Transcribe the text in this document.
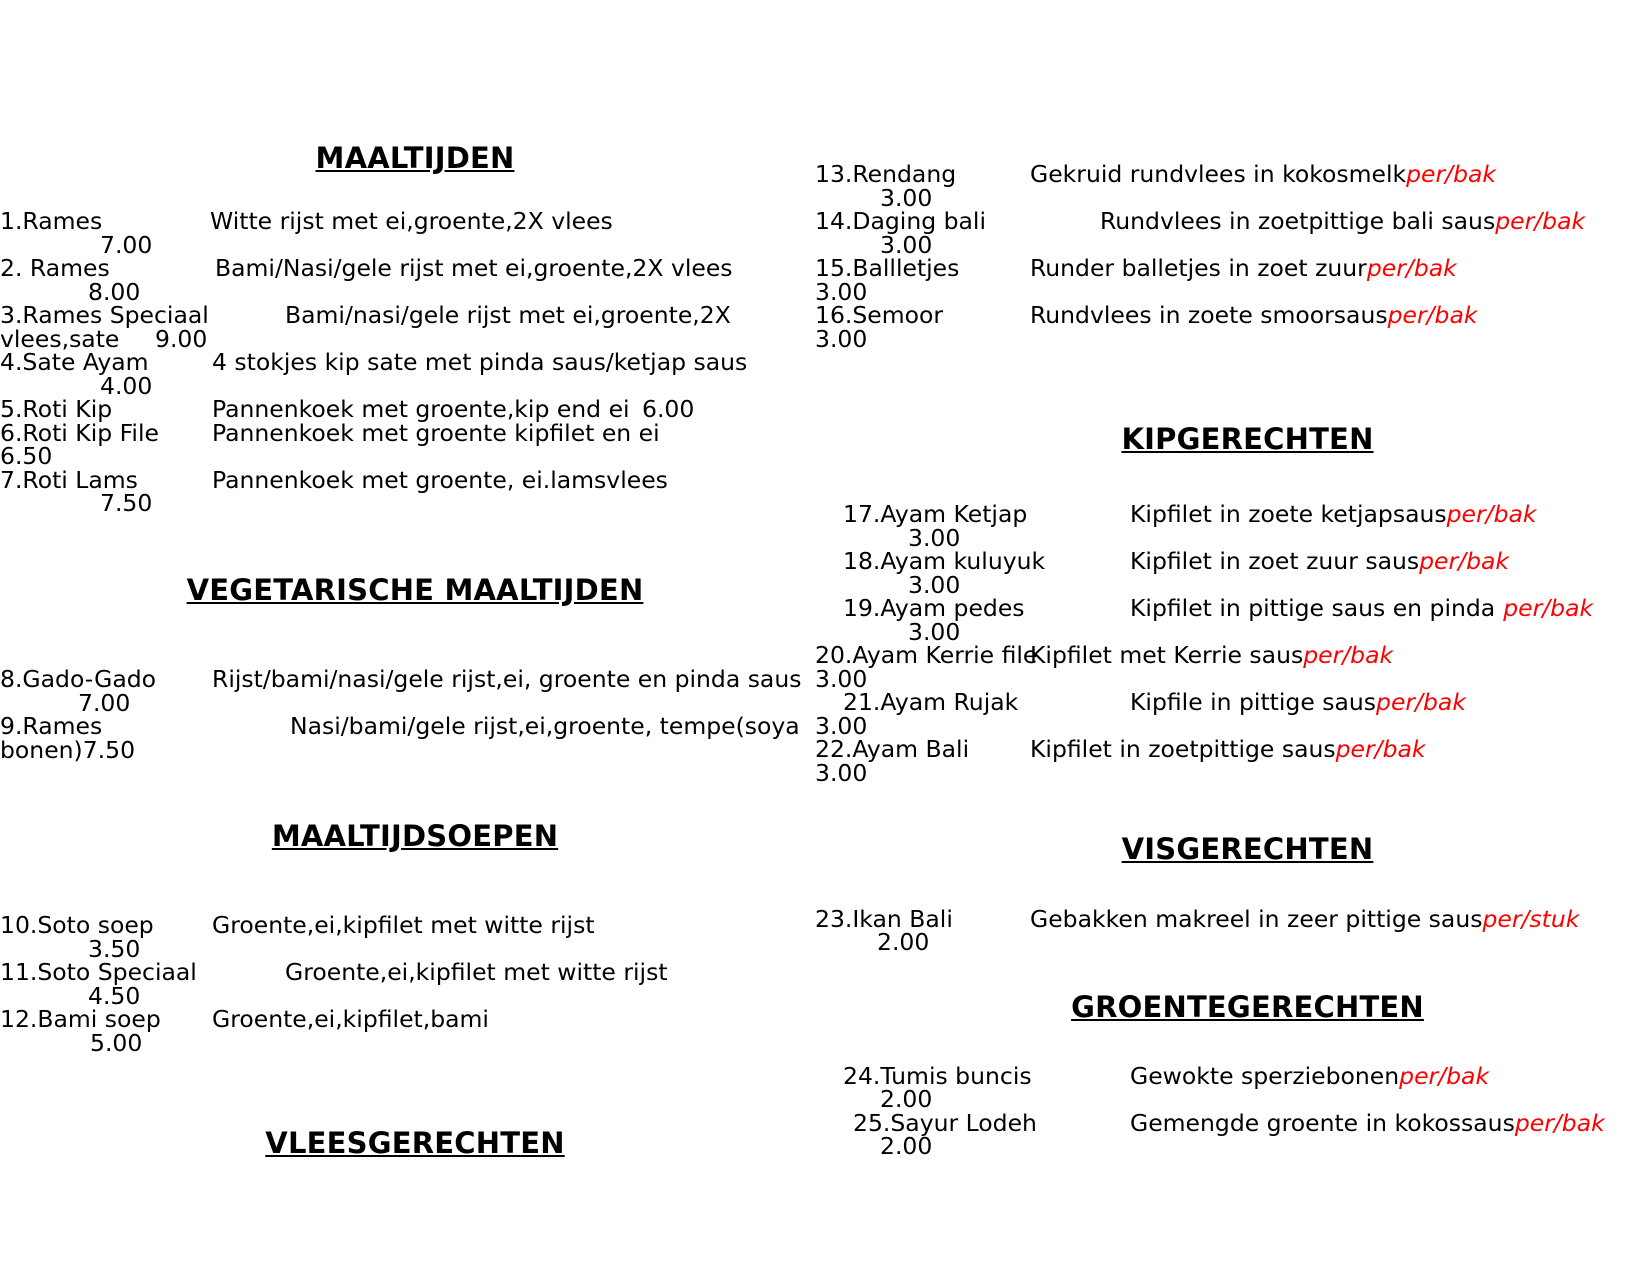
MAALTIJDEN
1.Rames	Witte rijst met ei,groente,2X vlees
7.00
2. Rames	Bami/Nasi/gele rijst met ei,groente,2X vlees
8.00
3.Rames Speciaal	Bami/nasi/gele rijst met ei,groente,2X
vlees,sate 9.00
4.Sate Ayam	4 stokjes kip sate met pinda saus/ketjap saus
4.00
5.Roti Kip	Pannenkoek met groente,kip end ei 6.00
6.Roti Kip File Pannenkoek met groente kipfilet en ei
6.50
7.Roti Lams	Pannenkoek met groente, ei.lamsvlees
7.50
VEGETARISCHE MAALTIJDEN
8.Gado-Gado Rijst/bami/nasi/gele rijst,ei, groente en pinda saus
7.00
9.Rames	Nasi/bami/gele rijst,ei,groente, tempe(soya
bonen)7.50
MAALTIJDSOEPEN
10.Soto soep Groente,ei,kipfilet met witte rijst
3.50
11.Soto Speciaal	Groente,ei,kipfilet met witte rijst
4.50
12.Bami soep Groente,ei,kipfilet,bami
5.00
VLEESGERECHTEN
13.Rendang	Gekruid rundvlees in kokosmelkper/bak
3.00
14.Daging bali	Rundvlees in zoetpittige bali sausper/bak
3.00
15.Ballletjes	Runder balletjes in zoet zuurper/bak
3.00
16.Semoor	Rundvlees in zoete smoorsausper/bak
3.00
KIPGERECHTEN
17.Ayam Ketjap	Kipfilet in zoete ketjapsausper/bak
3.00
18.Ayam kuluyuk	Kipfilet in zoet zuur sausper/bak
3.00
19.Ayam pedes	Kipfilet in pittige saus en pinda per/bak
3.00
20.Ayam Kerrie fileKipfilet met Kerrie sausper/bak
3.00
21.Ayam Rujak	Kipfile in pittige sausper/bak
3.00
22.Ayam Bali	Kipfilet in zoetpittige sausper/bak
3.00
VISGERECHTEN
23.Ikan Bali	Gebakken makreel in zeer pittige sausper/stuk
2.00
GROENTEGERECHTEN
24.Tumis buncis	Gewokte sperziebonenper/bak
2.00
25.Sayur Lodeh	Gemengde groente in kokossausper/bak
2.00
